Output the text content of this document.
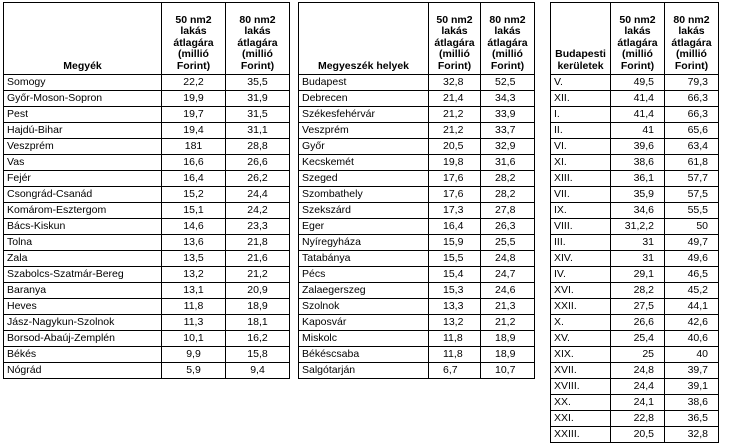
Megyék	50 nm2 lakás átlagára (millió Forint)	80 nm2 lakás átlagára (millió Forint)
Somogy	22,2	35,5
Győr-Moson-Sopron	19,9	31,9
Pest	19,7	31,5
Hajdú-Bihar	19,4	31,1
Veszprém	181	28,8
Vas	16,6	26,6
Fejér	16,4	26,2
Csongrád-Csanád	15,2	24,4
Komárom-Esztergom	15,1	24,2
Bács-Kiskun	14,6	23,3
Tolna	13,6	21,8
Zala	13,5	21,6
Szabolcs-Szatmár-Bereg	13,2	21,2
Baranya	13,1	20,9
Heves	11,8	18,9
Jász-Nagykun-Szolnok	11,3	18,1
Borsod-Abaúj-Zemplén	10,1	16,2
Békés	9,9	15,8
Nógrád	5,9	9,4
Megyeszék helyek	50 nm2 lakás átlagára (millió Forint)	80 nm2 lakás átlagára (millió Forint)
Budapest	32,8	52,5
Debrecen	21,4	34,3
Székesfehérvár	21,2	33,9
Veszprém	21,2	33,7
Győr	20,5	32,9
Kecskemét	19,8	31,6
Szeged	17,6	28,2
Szombathely	17,6	28,2
Szekszárd	17,3	27,8
Eger	16,4	26,3
Nyíregyháza	15,9	25,5
Tatabánya	15,5	24,8
Pécs	15,4	24,7
Zalaegerszeg	15,3	24,6
Szolnok	13,3	21,3
Kaposvár	13,2	21,2
Miskolc	11,8	18,9
Békéscsaba	11,8	18,9
Salgótarján	6,7	10,7
Budapesti kerületek	50 nm2 lakás átlagára (millió Forint)	80 nm2 lakás átlagára (millió Forint)
V.	49,5	79,3
XII.	41,4	66,3
I.	41,4	66,3
II.	41	65,6
VI.	39,6	63,4
XI.	38,6	61,8
XIII.	36,1	57,7
VII.	35,9	57,5
IX.	34,6	55,5
VIII.	31,2,2	50
III.	31	49,7
XIV.	31	49,6
IV.	29,1	46,5
XVI.	28,2	45,2
XXII.	27,5	44,1
X.	26,6	42,6
XV.	25,4	40,6
XIX.	25	40
XVII.	24,8	39,7
XVIII.	24,4	39,1
XX.	24,1	38,6
XXI.	22,8	36,5
XXIII.	20,5	32,8
